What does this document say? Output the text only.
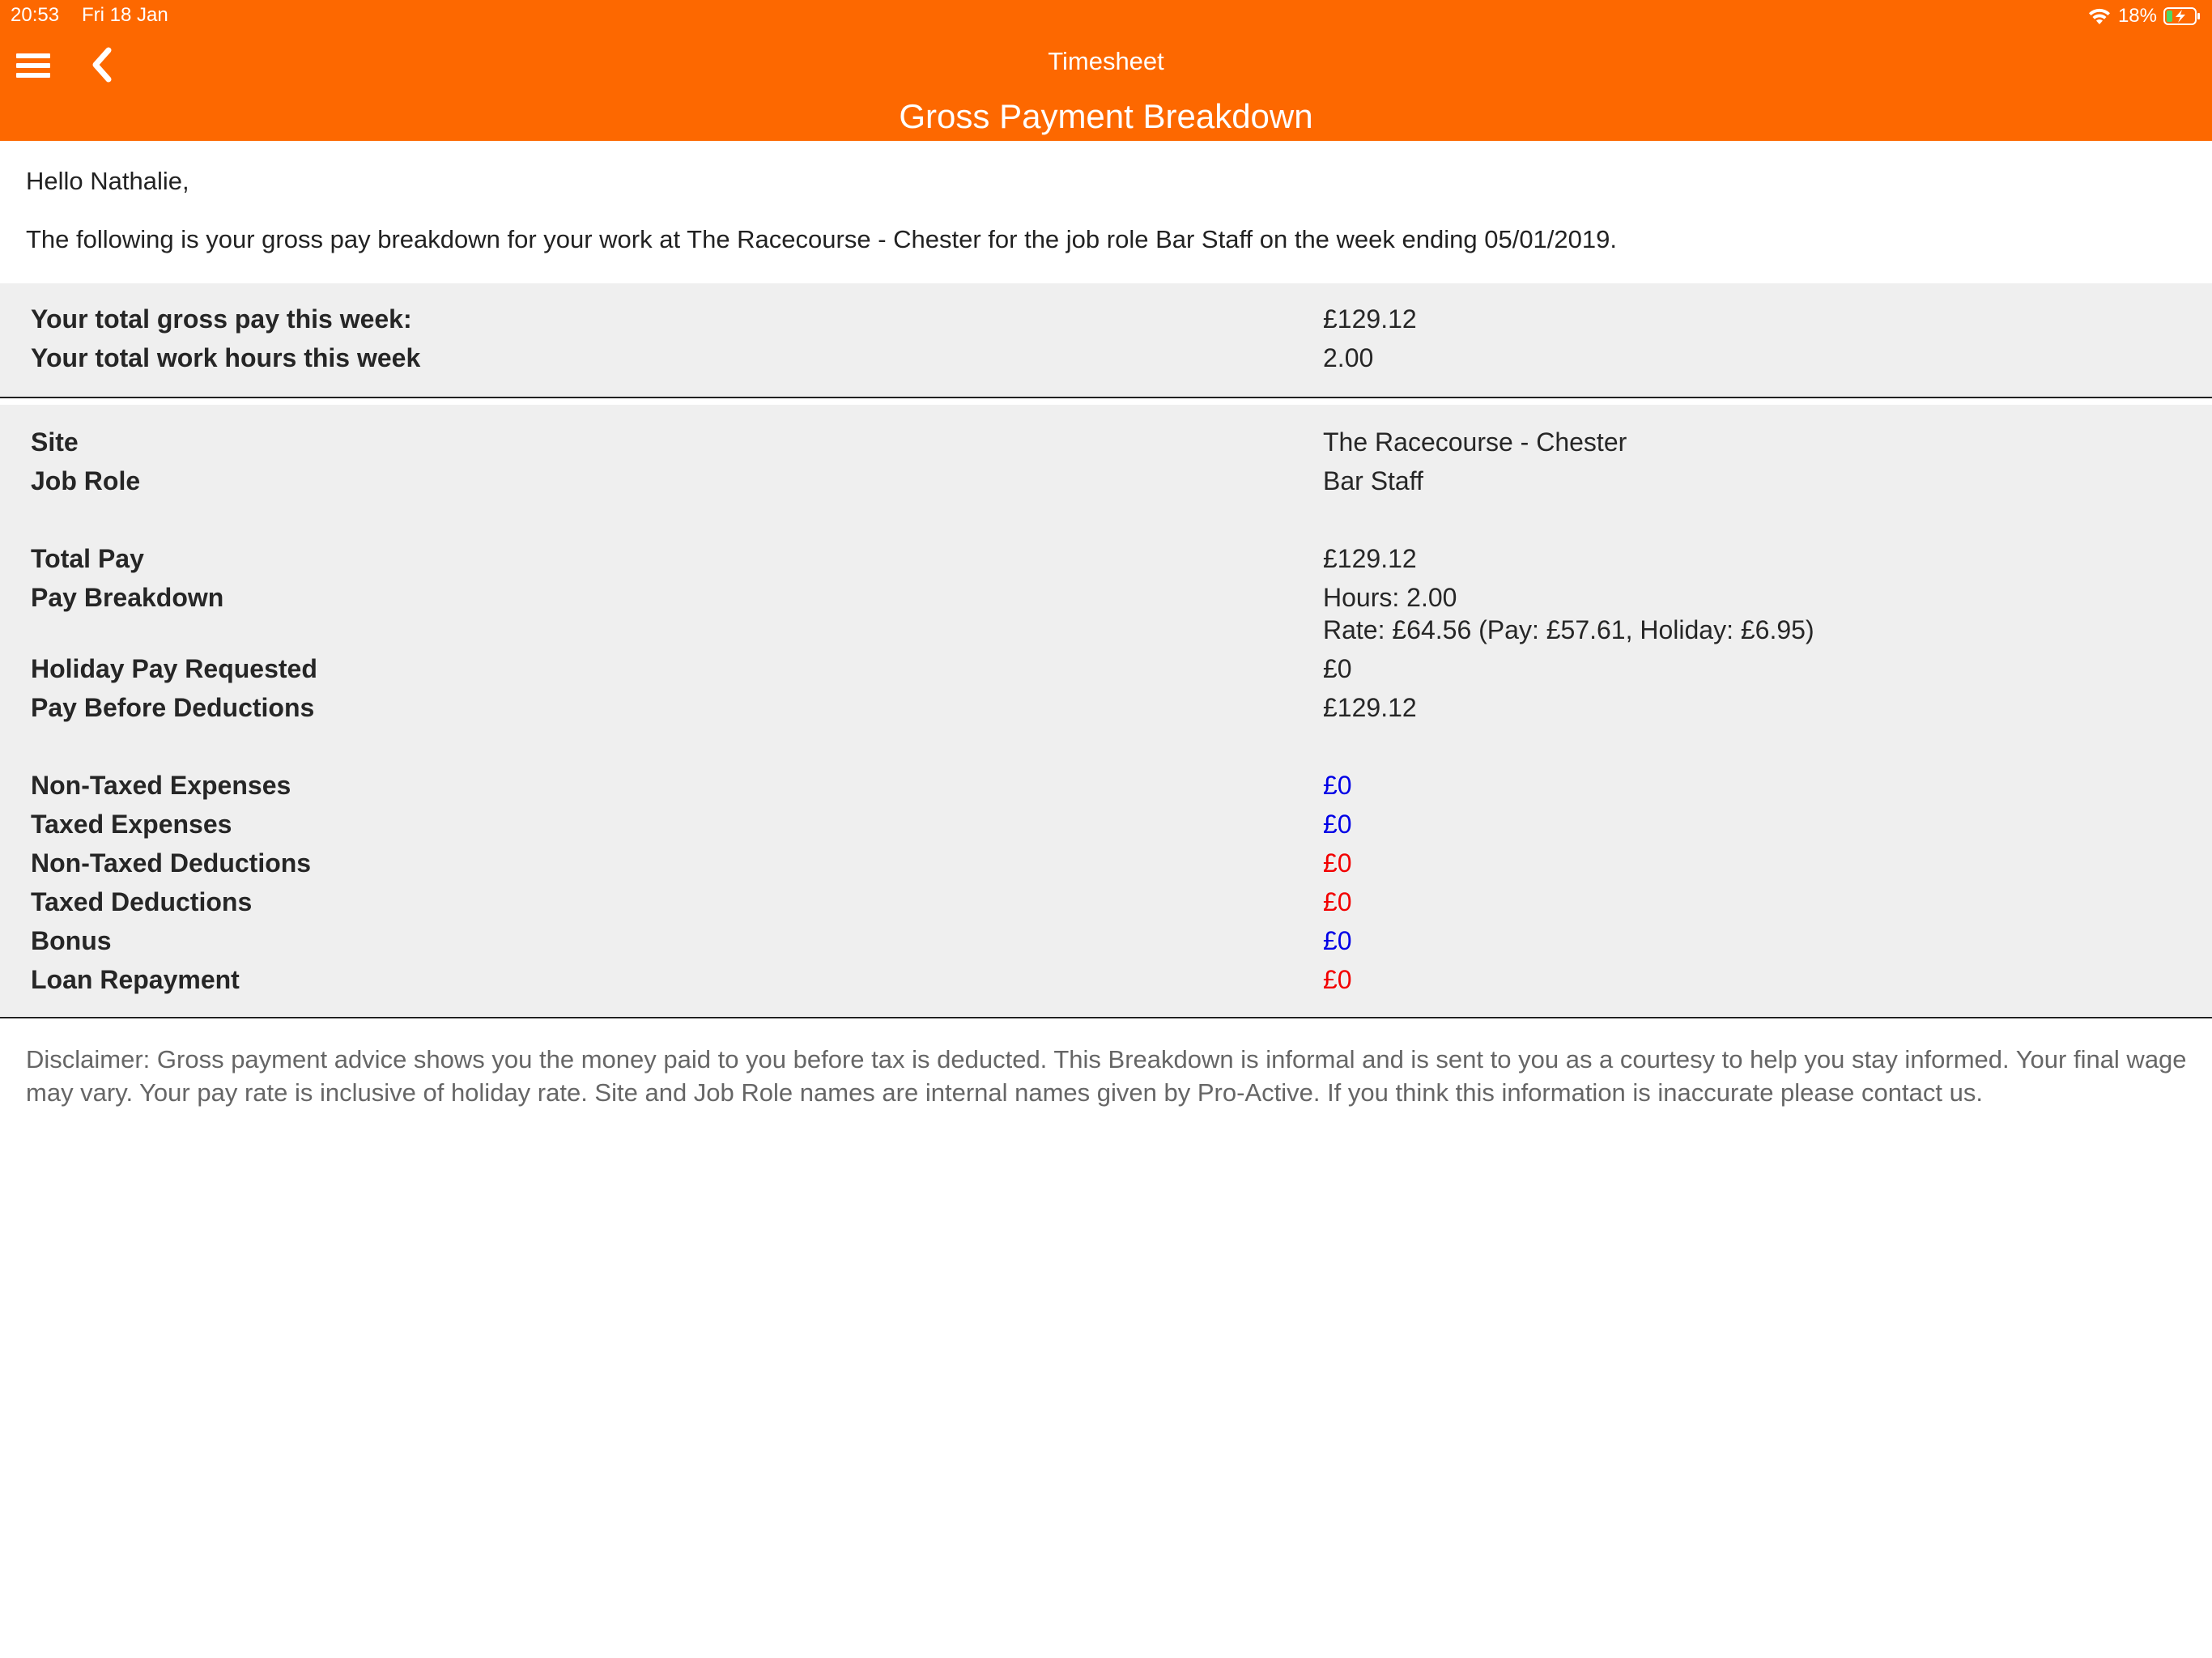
20:53 Fri 18 Jan	18%
Timesheet
Gross Payment Breakdown
Hello Nathalie,
The following is your gross pay breakdown for your work at The Racecourse - Chester for the job role Bar Staff on the week ending 05/01/2019.
Your total gross pay this week:	£129.12
Your total work hours this week	2.00
Site	The Racecourse - Chester
Job Role	Bar Staff
Total Pay	£129.12
Pay Breakdown	Hours: 2.00
Rate: £64.56 (Pay: £57.61, Holiday: £6.95)
Holiday Pay Requested	£0
Pay Before Deductions	£129.12
Non-Taxed Expenses	£0
Taxed Expenses	£0
Non-Taxed Deductions	£0
Taxed Deductions	£0
Bonus	£0
Loan Repayment	£0
Disclaimer: Gross payment advice shows you the money paid to you before tax is deducted. This Breakdown is informal and is sent to you as a courtesy to help you stay informed. Your final wage may vary. Your pay rate is inclusive of holiday rate. Site and Job Role names are internal names given by Pro-Active. If you think this information is inaccurate please contact us.
